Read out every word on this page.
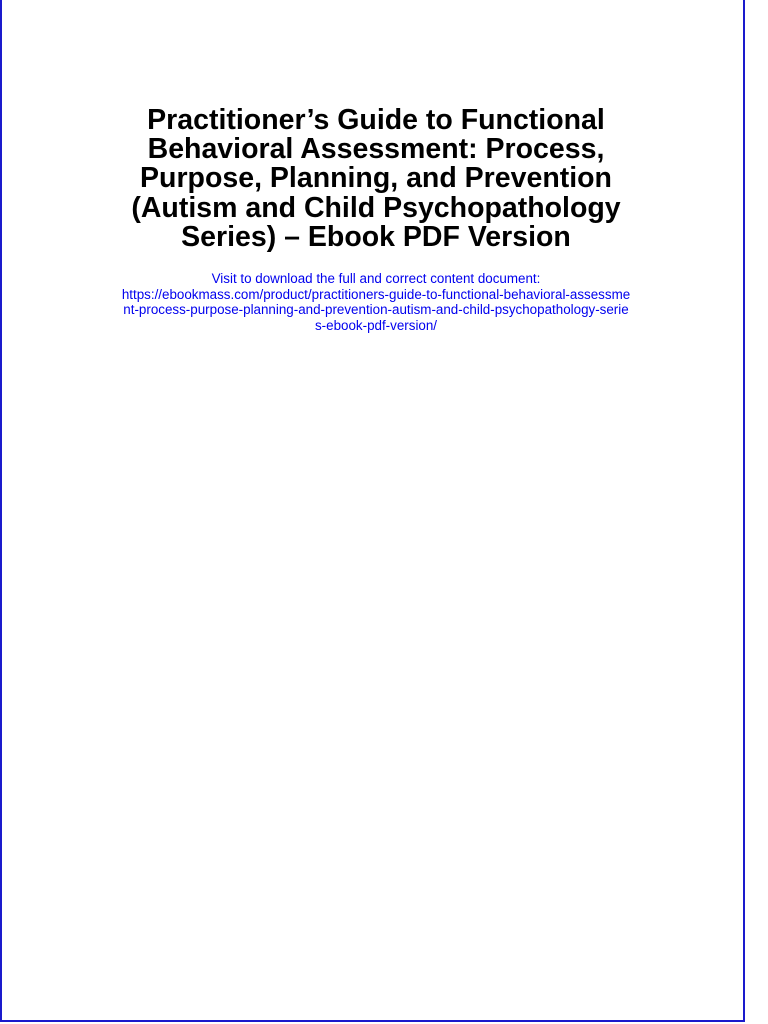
Practitioner’s Guide to Functional
Behavioral Assessment: Process,
Purpose, Planning, and Prevention
(Autism and Child Psychopathology
Series) – Ebook PDF Version
Visit to download the full and correct content document:
https://ebookmass.com/product/practitioners-guide-to-functional-behavioral-assessme
nt-process-purpose-planning-and-prevention-autism-and-child-psychopathology-serie
s-ebook-pdf-version/
